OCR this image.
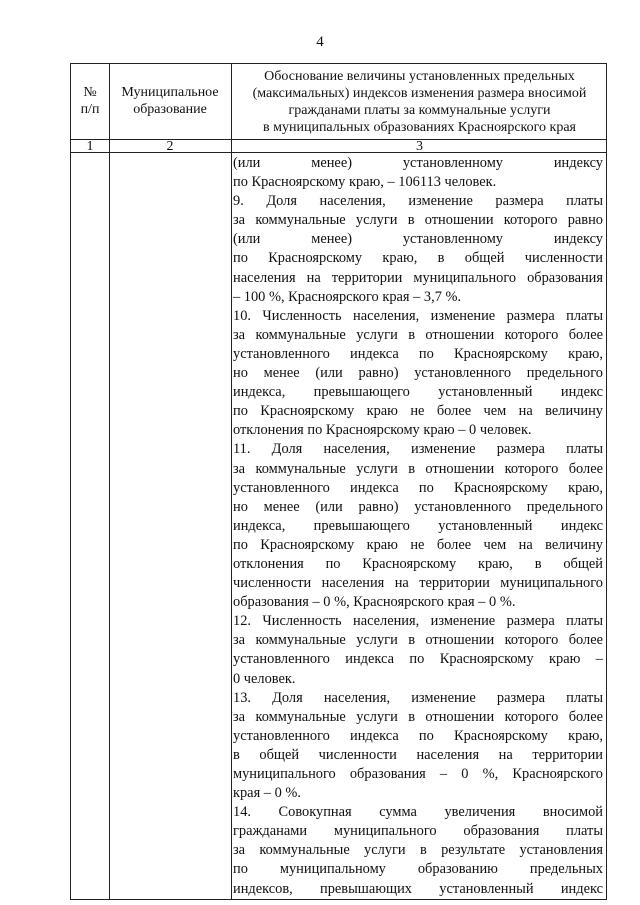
4
№
п/п
Муниципальное
образование
Обоснование величины установленных предельных
(максимальных) индексов изменения размера вносимой
гражданами платы за коммунальные услуги
в муниципальных образованиях Красноярского края
1	2	3
(или менее) установленному индексу
по Красноярскому краю, – 106113 человек.
9. Доля населения, изменение размера платы
за коммунальные услуги в отношении которого равно
(или менее) установленному индексу
по Красноярскому краю, в общей численности
населения на территории муниципального образования
– 100 %, Красноярского края – 3,7 %.
10. Численность населения, изменение размера платы
за коммунальные услуги в отношении которого более
установленного индекса по Красноярскому краю,
но менее (или равно) установленного предельного
индекса, превышающего установленный индекс
по Красноярскому краю не более чем на величину
отклонения по Красноярскому краю – 0 человек.
11. Доля населения, изменение размера платы
за коммунальные услуги в отношении которого более
установленного индекса по Красноярскому краю,
но менее (или равно) установленного предельного
индекса, превышающего установленный индекс
по Красноярскому краю не более чем на величину
отклонения по Красноярскому краю, в общей
численности населения на территории муниципального
образования – 0 %, Красноярского края – 0 %.
12. Численность населения, изменение размера платы
за коммунальные услуги в отношении которого более
установленного индекса по Красноярскому краю –
0 человек.
13. Доля населения, изменение размера платы
за коммунальные услуги в отношении которого более
установленного индекса по Красноярскому краю,
в общей численности населения на территории
муниципального образования – 0 %, Красноярского
края – 0 %.
14. Совокупная сумма увеличения вносимой
гражданами муниципального образования платы
за коммунальные услуги в результате установления
по муниципальному образованию предельных
индексов, превышающих установленный индекс
